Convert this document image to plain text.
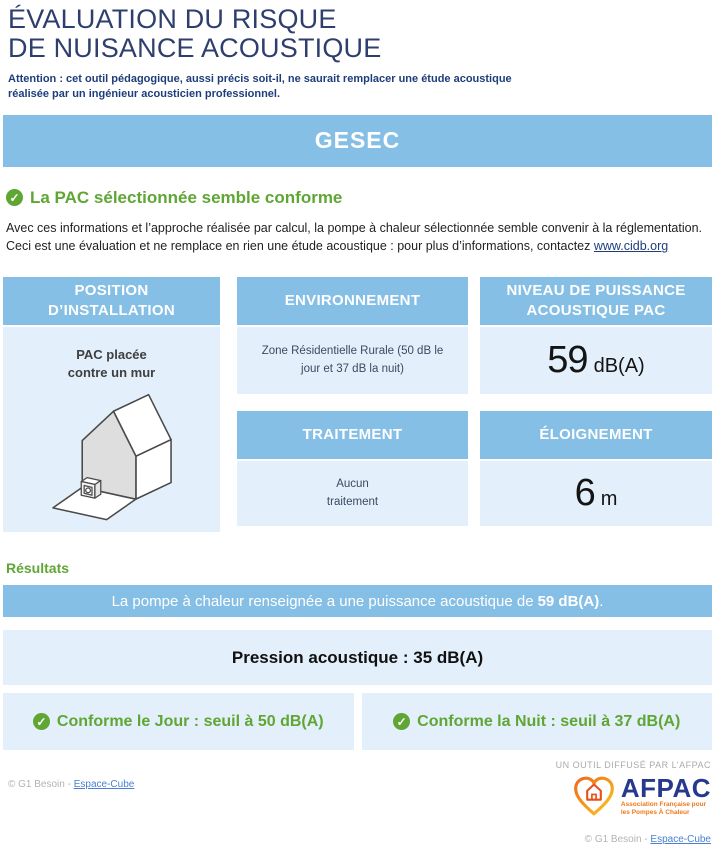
ÉVALUATION DU RISQUE
DE NUISANCE ACOUSTIQUE
Attention : cet outil pédagogique, aussi précis soit-il, ne saurait remplacer une étude acoustique réalisée par un ingénieur acousticien professionnel.
GESEC
✓ La PAC sélectionnée semble conforme
Avec ces informations et l’approche réalisée par calcul, la pompe à chaleur sélectionnée semble convenir à la réglementation.
Ceci est une évaluation et ne remplace en rien une étude acoustique : pour plus d’informations, contactez www.cidb.org
POSITION D’INSTALLATION
PAC placée
contre un mur
ENVIRONNEMENT
Zone Résidentielle Rurale (50 dB le jour et 37 dB la nuit)
TRAITEMENT
Aucun
traitement
NIVEAU DE PUISSANCE ACOUSTIQUE PAC
59 dB(A)
ÉLOIGNEMENT
6 m
Résultats
La pompe à chaleur renseignée a une puissance acoustique de 59 dB(A) .
Pression acoustique : 35 dB(A)
✓ Conforme le Jour : seuil à 50 dB(A)	✓ Conforme la Nuit : seuil à 37 dB(A)
UN OUTIL DIFFUSÉ PAR L’AFPAC
AFPAC
Association Française pour
les Pompes À Chaleur
© G1 Besoin - Espace-Cube
© G1 Besoin - Espace-Cube
